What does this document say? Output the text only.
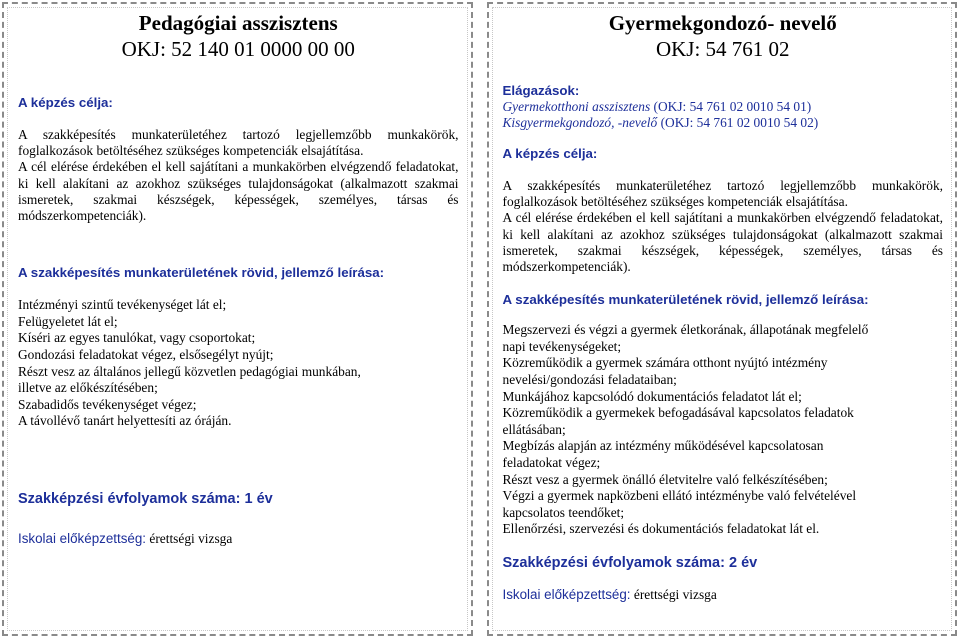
Pedagógiai asszisztens
OKJ: 52 140 01 0000 00 00
A képzés célja:

A szakképesítés munkaterületéhez tartozó legjellemzőbb munkakörök, foglalkozások betöltéséhez szükséges kompetenciák elsajátítása.

A cél elérése érdekében el kell sajátítani a munkakörben elvégzendő feladatokat, ki kell alakítani az azokhoz szükséges tulajdonságokat (alkalmazott szakmai ismeretek, szakmai készségek, képességek, személyes, társas és módszerkompetenciák).

A szakképesítés munkaterületének rövid, jellemző leírása:
Intézményi szintű tevékenységet lát el;
Felügyeletet lát el;
Kíséri az egyes tanulókat, vagy csoportokat;
Gondozási feladatokat végez, elsősegélyt nyújt;
Részt vesz az általános jellegű közvetlen pedagógiai munkában,
illetve az előkészítésében;
Szabadidős tevékenységet végez;
A távollévő tanárt helyettesíti az óráján.
Szakképzési évfolyamok száma: 1 év

Iskolai előképzettség: érettségi vizsga

Gyermekgondozó- nevelő
OKJ: 54 761 02
Elágazások:

Gyermekotthoni asszisztens (OKJ: 54 761 02 0010 54 01)

Kisgyermekgondozó, -nevelő (OKJ: 54 761 02 0010 54 02)

A képzés célja:

A szakképesítés munkaterületéhez tartozó legjellemzőbb munkakörök, foglalkozások betöltéséhez szükséges kompetenciák elsajátítása.

A cél elérése érdekében el kell sajátítani a munkakörben elvégzendő feladatokat, ki kell alakítani az azokhoz szükséges tulajdonságokat (alkalmazott szakmai ismeretek, szakmai készségek, képességek, személyes, társas és módszerkompetenciák).

A szakképesítés munkaterületének rövid, jellemző leírása:
Megszervezi és végzi a gyermek életkorának, állapotának megfelelő
napi tevékenységeket;
Közreműködik a gyermek számára otthont nyújtó intézmény
nevelési/gondozási feladataiban;
Munkájához kapcsolódó dokumentációs feladatot lát el;
Közreműködik a gyermekek befogadásával kapcsolatos feladatok
ellátásában;
Megbízás alapján az intézmény működésével kapcsolatosan
feladatokat végez;
Részt vesz a gyermek önálló életvitelre való felkészítésében;
Végzi a gyermek napközbeni ellátó intézménybe való felvételével
kapcsolatos teendőket;
Ellenőrzési, szervezési és dokumentációs feladatokat lát el.
Szakképzési évfolyamok száma: 2 év

Iskolai előképzettség: érettségi vizsga
